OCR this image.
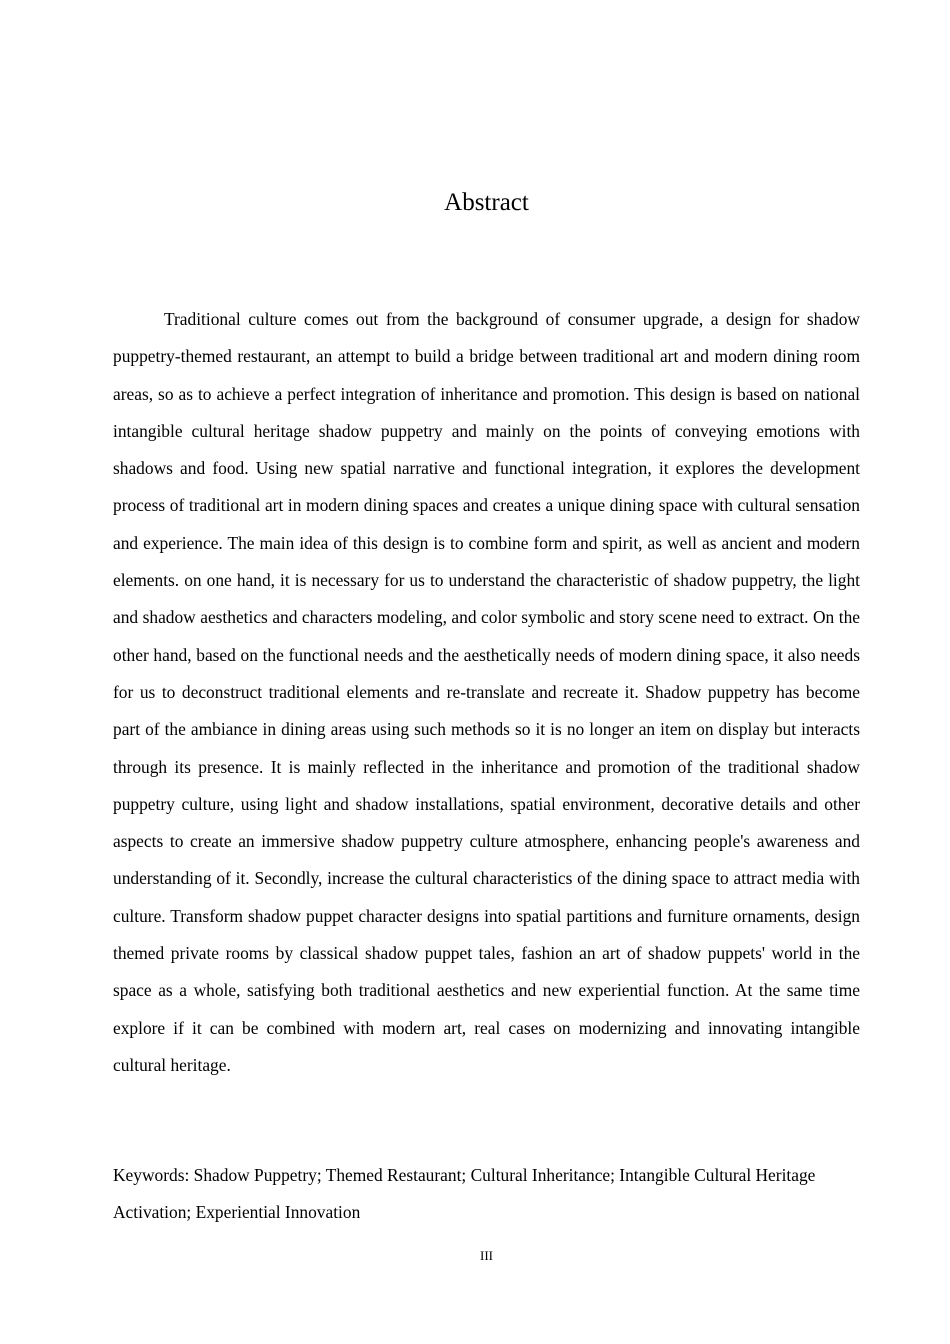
Abstract

Traditional culture comes out from the background of consumer upgrade, a design for shadow puppetry-themed restaurant, an attempt to build a bridge between traditional art and modern dining room areas, so as to achieve a perfect integration of inheritance and promotion. This design is based on national intangible cultural heritage shadow puppetry and mainly on the points of conveying emotions with shadows and food. Using new spatial narrative and functional integration, it explores the development process of traditional art in modern dining spaces and creates a unique dining space with cultural sensation and experience. The main idea of this design is to combine form and spirit, as well as ancient and modern elements. on one hand, it is necessary for us to understand the characteristic of shadow puppetry, the light and shadow aesthetics and characters modeling, and color symbolic and story scene need to extract. On the other hand, based on the functional needs and the aesthetically needs of modern dining space, it also needs for us to deconstruct traditional elements and re-translate and recreate it. Shadow puppetry has become part of the ambiance in dining areas using such methods so it is no longer an item on display but interacts through its presence. It is mainly reflected in the inheritance and promotion of the traditional shadow puppetry culture, using light and shadow installations, spatial environment, decorative details and other aspects to create an immersive shadow puppetry culture atmosphere, enhancing people's awareness and understanding of it. Secondly, increase the cultural characteristics of the dining space to attract media with culture. Transform shadow puppet character designs into spatial partitions and furniture ornaments, design themed private rooms by classical shadow puppet tales, fashion an art of shadow puppets' world in the space as a whole, satisfying both traditional aesthetics and new experiential function. At the same time explore if it can be combined with modern art, real cases on modernizing and innovating intangible cultural heritage.

Keywords: Shadow Puppetry; Themed Restaurant; Cultural Inheritance; Intangible Cultural Heritage Activation; Experiential Innovation

III
